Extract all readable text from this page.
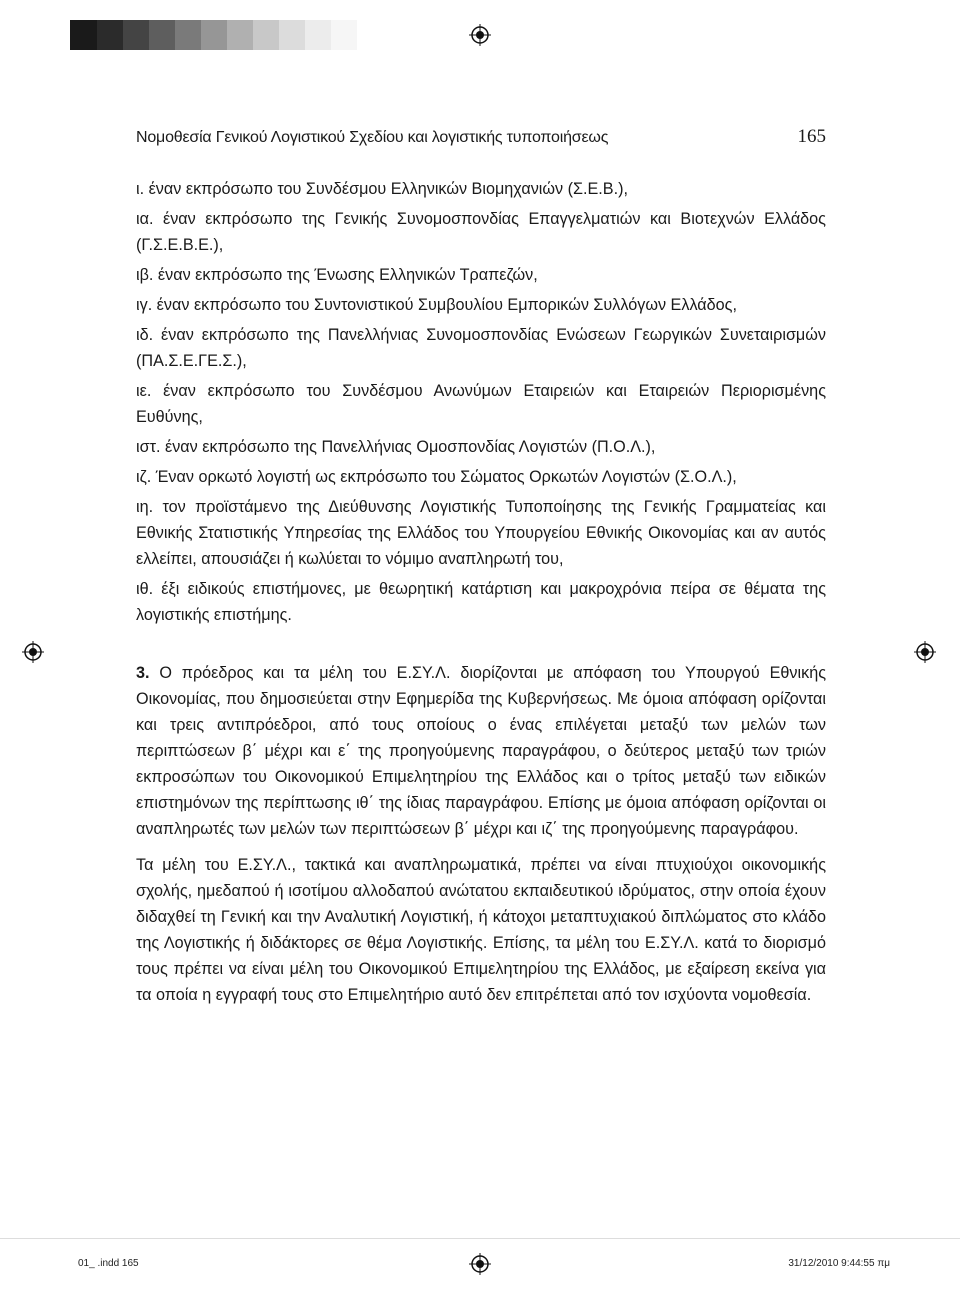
Νομοθεσία Γενικού Λογιστικού Σχεδίου και λογιστικής τυποποιήσεως	165

ι. έναν εκπρόσωπο του Συνδέσμου Ελληνικών Βιομηχανιών (Σ.Ε.Β.),

ια. έναν εκπρόσωπο της Γενικής Συνομοσπονδίας Επαγγελματιών και Βιοτεχνών Ελλάδος (Γ.Σ.Ε.Β.Ε.),

ιβ. έναν εκπρόσωπο της Ένωσης Ελληνικών Τραπεζών,

ιγ. έναν εκπρόσωπο του Συντονιστικού Συμβουλίου Εμπορικών Συλλόγων Ελλάδος,

ιδ. έναν εκπρόσωπο της Πανελλήνιας Συνομοσπονδίας Ενώσεων Γεωργικών Συνεταιρισμών (ΠΑ.Σ.Ε.ΓΕ.Σ.),

ιε. έναν εκπρόσωπο του Συνδέσμου Ανωνύμων Εταιρειών και Εταιρειών Περιορισμένης Ευθύνης,

ιστ. έναν εκπρόσωπο της Πανελλήνιας Ομοσπονδίας Λογιστών (Π.Ο.Λ.),

ιζ. Έναν ορκωτό λογιστή ως εκπρόσωπο του Σώματος Ορκωτών Λογιστών (Σ.Ο.Λ.),

ιη. τον προϊστάμενο της Διεύθυνσης Λογιστικής Τυποποίησης της Γενικής Γραμματείας και Εθνικής Στατιστικής Υπηρεσίας της Ελλάδος του Υπουργείου Εθνικής Οικονομίας και αν αυτός ελλείπει, απουσιάζει ή κωλύεται το νόμιμο αναπληρωτή του,

ιθ. έξι ειδικούς επιστήμονες, με θεωρητική κατάρτιση και μακροχρόνια πείρα σε θέματα της λογιστικής επιστήμης.

3. Ο πρόεδρος και τα μέλη του Ε.ΣΥ.Λ. διορίζονται με απόφαση του Υπουργού Εθνικής Οικονομίας, που δημοσιεύεται στην Εφημερίδα της Κυβερνήσεως. Με όμοια απόφαση ορίζονται και τρεις αντιπρόεδροι, από τους οποίους ο ένας επιλέγεται μεταξύ των μελών των περιπτώσεων β΄ μέχρι και ε΄ της προηγούμενης παραγράφου, ο δεύτερος μεταξύ των τριών εκπροσώπων του Οικονομικού Επιμελητηρίου της Ελλάδος και ο τρίτος μεταξύ των ειδικών επιστημόνων της περίπτωσης ιθ΄ της ίδιας παραγράφου. Επίσης με όμοια απόφαση ορίζονται οι αναπληρωτές των μελών των περιπτώσεων β΄ μέχρι και ιζ΄ της προηγούμενης παραγράφου.

Τα μέλη του Ε.ΣΥ.Λ., τακτικά και αναπληρωματικά, πρέπει να είναι πτυχιούχοι οικονομικής σχολής, ημεδαπού ή ισοτίμου αλλοδαπού ανώτατου εκπαιδευτικού ιδρύματος, στην οποία έχουν διδαχθεί τη Γενική και την Αναλυτική Λογιστική, ή κάτοχοι μεταπτυχιακού διπλώματος στο κλάδο της Λογιστικής ή διδάκτορες σε θέμα Λογιστικής. Επίσης, τα μέλη του Ε.ΣΥ.Λ. κατά το διορισμό τους πρέπει να είναι μέλη του Οικονομικού Επιμελητηρίου της Ελλάδος, με εξαίρεση εκείνα για τα οποία η εγγραφή τους στο Επιμελητήριο αυτό δεν επιτρέπεται από τον ισχύοντα νομοθεσία.

01_ .indd 165	31/12/2010 9:44:55 πμ
